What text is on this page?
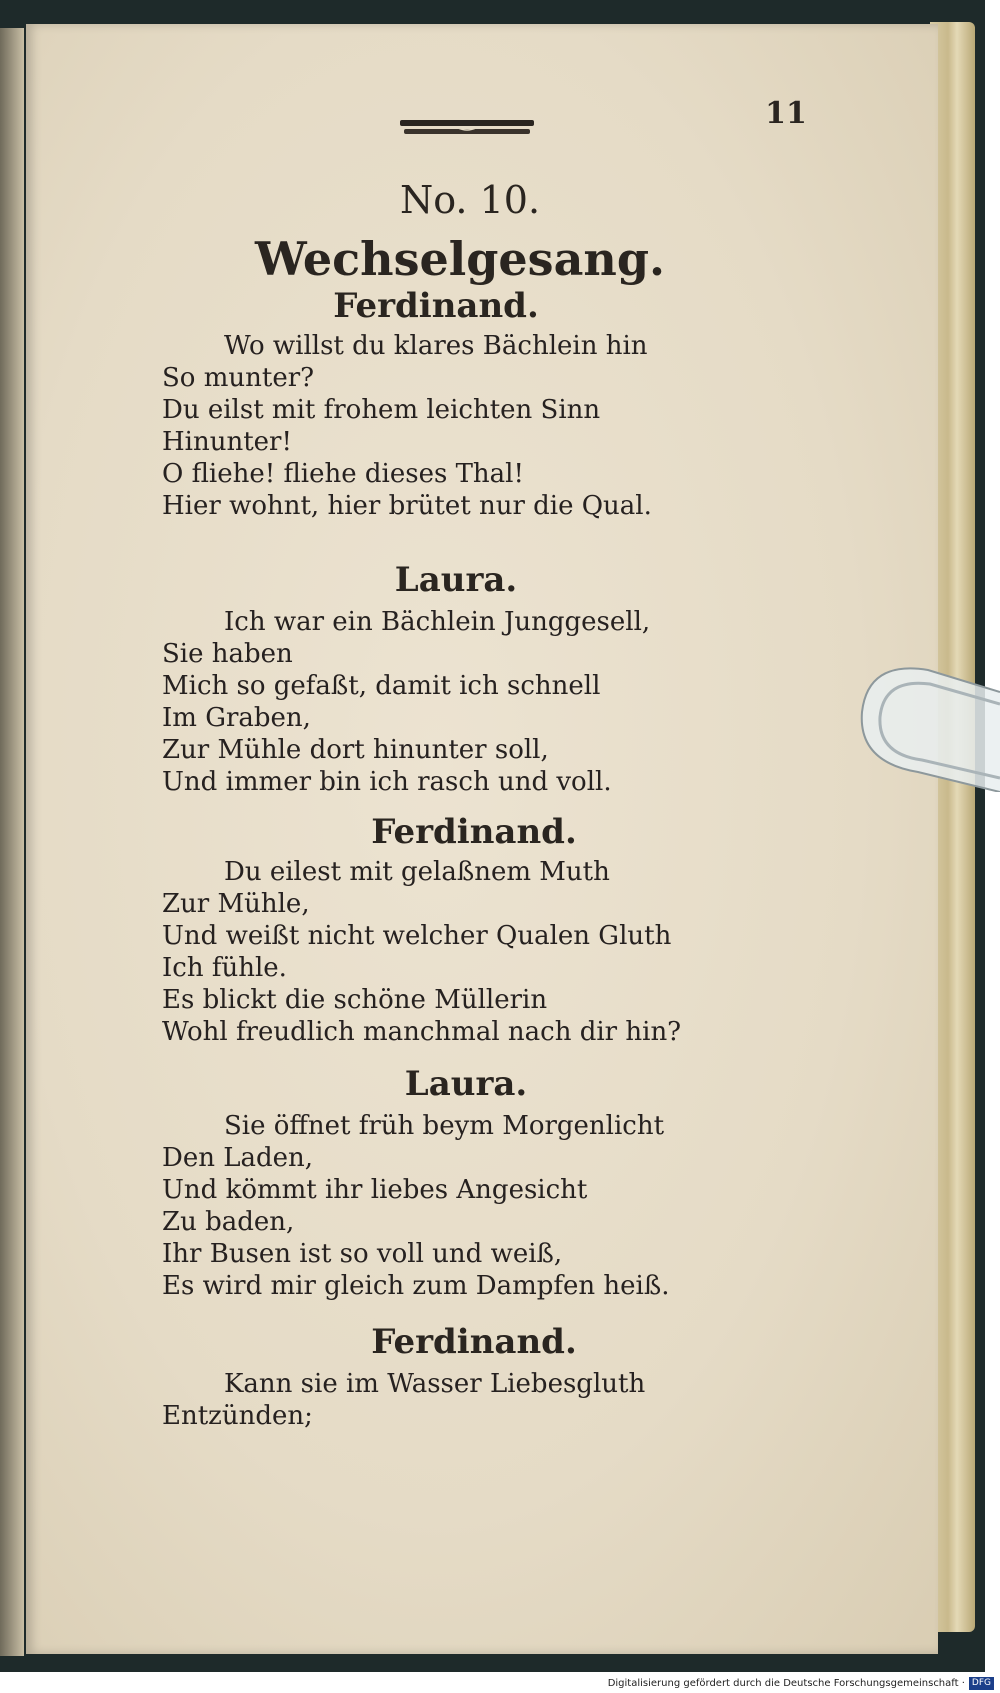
11
No. 10.
Wechselgesang.
Ferdinand.
Wo willst du klares Bächlein hin
So munter?
Du eilst mit frohem leichten Sinn
Hinunter!
O fliehe! fliehe dieses Thal!
Hier wohnt, hier brütet nur die Qual.
Laura.
Ich war ein Bächlein Junggesell,
Sie haben
Mich so gefaßt, damit ich schnell
Im Graben,
Zur Mühle dort hinunter soll,
Und immer bin ich rasch und voll.
Ferdinand.
Du eilest mit gelaßnem Muth
Zur Mühle,
Und weißt nicht welcher Qualen Gluth
Ich fühle.
Es blickt die schöne Müllerin
Wohl freudlich manchmal nach dir hin?
Laura.
Sie öffnet früh beym Morgenlicht
Den Laden,
Und kömmt ihr liebes Angesicht
Zu baden,
Ihr Busen ist so voll und weiß,
Es wird mir gleich zum Dampfen heiß.
Ferdinand.
Kann sie im Wasser Liebesgluth
Entzünden;
Digitalisierung gefördert durch die Deutsche Forschungsgemeinschaft · DFG
